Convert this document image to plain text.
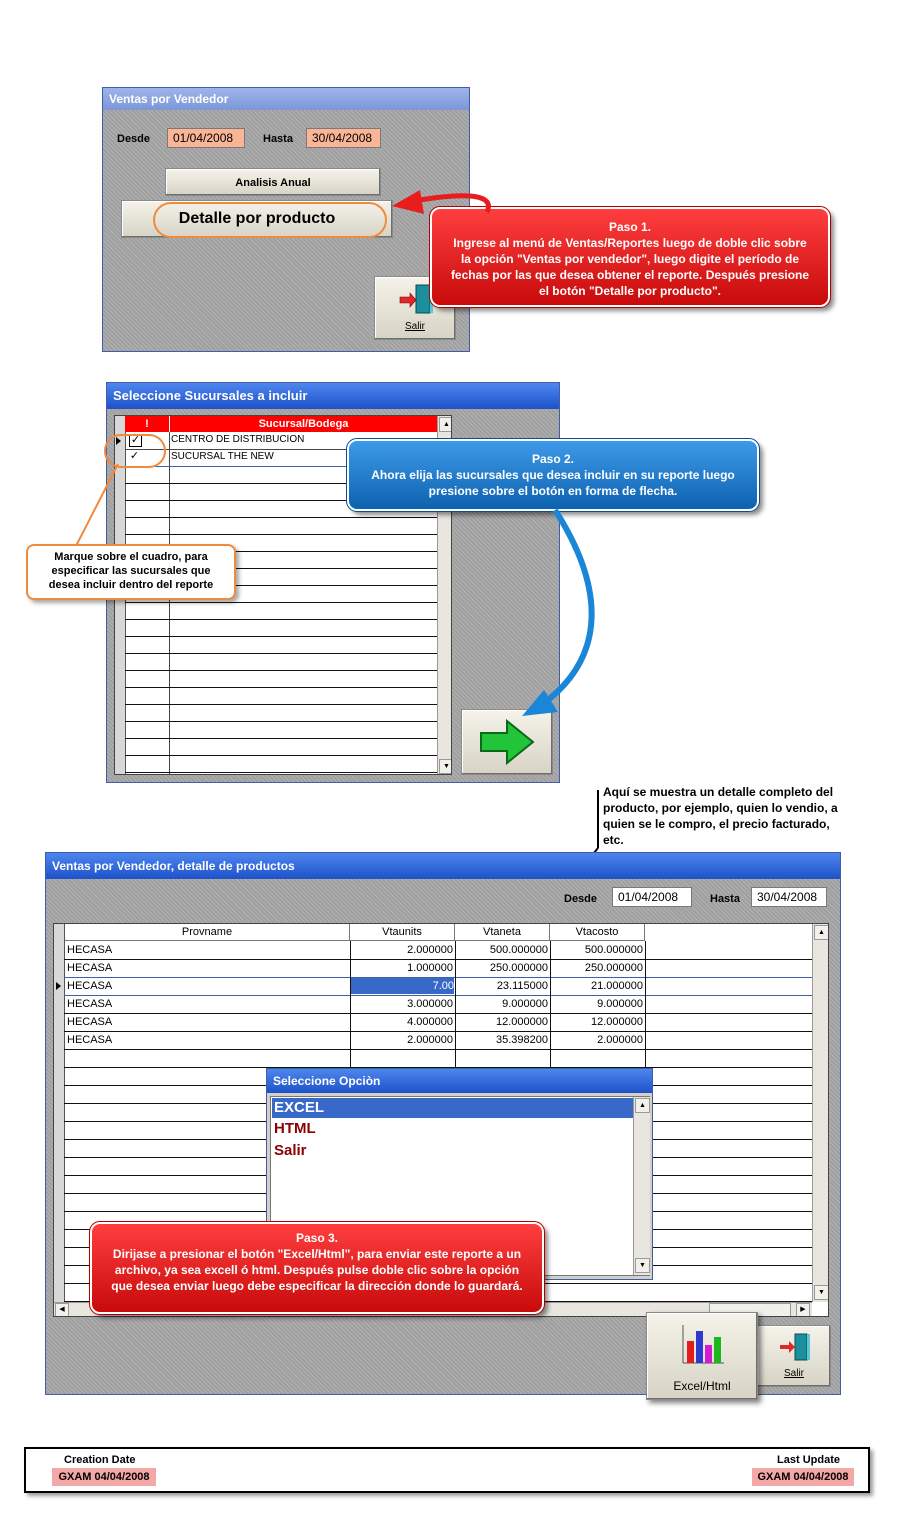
Ventas por Vendedor
Desde	01/04/2008	Hasta	30/04/2008
Analisis Anual
Detalle por producto
Salir
Paso 1.
Ingrese al menú de Ventas/Reportes luego de doble clic sobre la opción "Ventas por vendedor", luego digite el período de fechas por las que desea obtener el reporte. Después presione el botón "Detalle por producto".
Seleccione Sucursales a incluir
!	Sucursal/Bodega
✓	CENTRO DE DISTRIBUCION
✓	SUCURSAL THE NEW
▲
▼
Marque sobre el cuadro, para especificar las sucursales que desea incluir dentro del reporte
Paso 2.
Ahora elija las sucursales que desea incluir en su reporte luego presione sobre el botón en forma de flecha.
Aquí se muestra un detalle completo del producto, por ejemplo, quien lo vendio, a quien se le compro, el precio facturado, etc.
Ventas por Vendedor, detalle de productos
Desde	01/04/2008	Hasta	30/04/2008
Provname	Vtaunits	Vtaneta	Vtacosto
HECASA	2.000000	500.000000	500.000000
HECASA	1.000000	250.000000	250.000000
HECASA	7.00	23.115000	21.000000
HECASA	3.000000	9.000000	9.000000
HECASA	4.000000	12.000000	12.000000
HECASA	2.000000	35.398200	2.000000
▲
▼
◀	▶
Salir
Excel/Html
Seleccione Opciòn
EXCEL
HTML
Salir
▲
▼
Paso 3.
Dirijase a presionar el botón "Excel/Html", para enviar este reporte a un archivo, ya sea excell ó html. Después pulse doble clic sobre la opción que desea enviar luego debe especificar la dirección donde lo guardará.
Creation Date
GXAM 04/04/2008
Last Update
GXAM 04/04/2008
